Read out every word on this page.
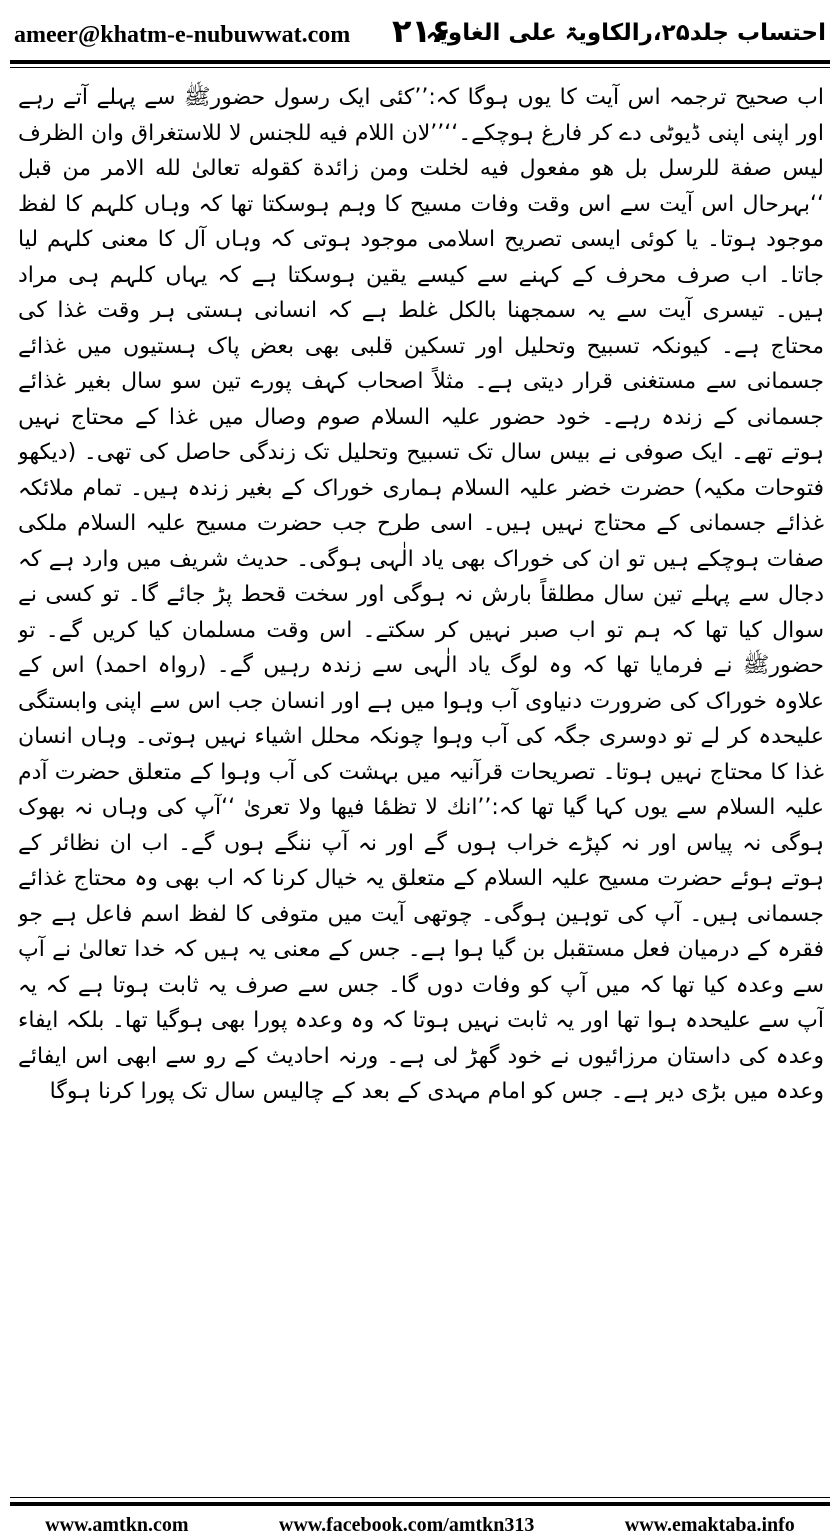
ameer@khatm-e-nubuwwat.com ۲۱۶
احتساب جلد۲۵،رالکاویۃ علی الغاویہ

اب صحیح ترجمہ اس آیت کا یوں ہوگا کہ:’’کئی ایک رسول حضورﷺ سے پہلے آتے رہے اور اپنی اپنی ڈیوٹی دے کر فارغ ہوچکے۔‘‘’’لان اللام فیه للجنس لا للاستغراق وان الظرف لیس صفة للرسل بل هو مفعول فیه لخلت ومن زائدة کقوله تعالیٰ لله الامر من قبل ‘‘بہرحال اس آیت سے اس وقت وفات مسیح کا وہم ہوسکتا تھا کہ وہاں کلہم کا لفظ موجود ہوتا۔ یا کوئی ایسی تصریح اسلامی موجود ہوتی کہ وہاں آل کا معنی کلہم لیا جاتا۔ اب صرف محرف کے کہنے سے کیسے یقین ہوسکتا ہے کہ یہاں کلہم ہی مراد ہیں۔ تیسری آیت سے یہ سمجھنا بالکل غلط ہے کہ انسانی ہستی ہر وقت غذا کی محتاج ہے۔ کیونکہ تسبیح وتحلیل اور تسکین قلبی بھی بعض پاک ہستیوں میں غذائے جسمانی سے مستغنی قرار دیتی ہے۔ مثلاً اصحاب کہف پورے تین سو سال بغیر غذائے جسمانی کے زندہ رہے۔ خود حضور علیہ السلام صوم وصال میں غذا کے محتاج نہیں ہوتے تھے۔ ایک صوفی نے بیس سال تک تسبیح وتحلیل تک زندگی حاصل کی تھی۔ (دیکھو فتوحات مکیہ) حضرت خضر علیہ السلام ہماری خوراک کے بغیر زندہ ہیں۔ تمام ملائکہ غذائے جسمانی کے محتاج نہیں ہیں۔ اسی طرح جب حضرت مسیح علیہ السلام ملکی صفات ہوچکے ہیں تو ان کی خوراک بھی یاد الٰہی ہوگی۔ حدیث شریف میں وارد ہے کہ دجال سے پہلے تین سال مطلقاً بارش نہ ہوگی اور سخت قحط پڑ جائے گا۔ تو کسی نے سوال کیا تھا کہ ہم تو اب صبر نہیں کر سکتے۔ اس وقت مسلمان کیا کریں گے۔ تو حضورﷺ نے فرمایا تھا کہ وہ لوگ یاد الٰہی سے زندہ رہیں گے۔ (رواہ احمد) اس کے علاوہ خوراک کی ضرورت دنیاوی آب وہوا میں ہے اور انسان جب اس سے اپنی وابستگی علیحدہ کر لے تو دوسری جگہ کی آب وہوا چونکہ محلل اشیاء نہیں ہوتی۔ وہاں انسان غذا کا محتاج نہیں ہوتا۔ تصریحات قرآنیہ میں بہشت کی آب وہوا کے متعلق حضرت آدم علیہ السلام سے یوں کہا گیا تھا کہ:’’انك لا تظمٔا فیها ولا تعریٰ ‘‘آپ کی وہاں نہ بھوک ہوگی نہ پیاس اور نہ کپڑے خراب ہوں گے اور نہ آپ ننگے ہوں گے۔ اب ان نظائر کے ہوتے ہوئے حضرت مسیح علیہ السلام کے متعلق یہ خیال کرنا کہ اب بھی وہ محتاج غذائے جسمانی ہیں۔ آپ کی توہین ہوگی۔ چوتھی آیت میں متوفی کا لفظ اسم فاعل ہے جو فقرہ کے درمیان فعل مستقبل بن گیا ہوا ہے۔ جس کے معنی یہ ہیں کہ خدا تعالیٰ نے آپ سے وعدہ کیا تھا کہ میں آپ کو وفات دوں گا۔ جس سے صرف یہ ثابت ہوتا ہے کہ یہ آپ سے علیحدہ ہوا تھا اور یہ ثابت نہیں ہوتا کہ وہ وعدہ پورا بھی ہوگیا تھا۔ بلکہ ایفاء وعدہ کی داستان مرزائیوں نے خود گھڑ لی ہے۔ ورنہ احادیث کے رو سے ابھی اس ایفائے وعدہ میں بڑی دیر ہے۔ جس کو امام مہدی کے بعد کے چالیس سال تک پورا کرنا ہوگا

www.amtkn.com	www.facebook.com/amtkn313	www.emaktaba.info
